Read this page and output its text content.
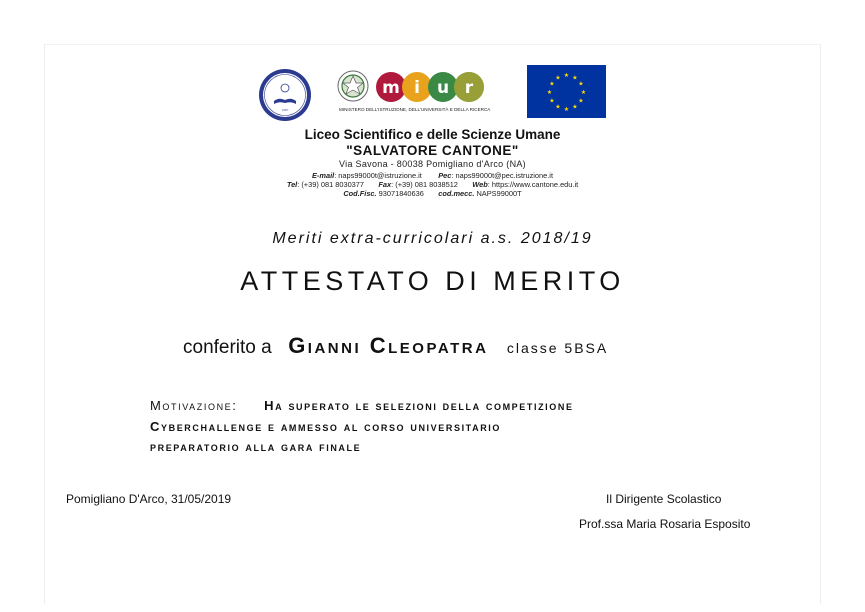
1987
m i u r
MINISTERO DELL'ISTRUZIONE, DELL'UNIVERSITÀ E DELLA RICERCA
★ ★
★
★
★
★
★
★
★
★
★
★
Liceo Scientifico e delle Scienze Umane
"SALVATORE CANTONE"
Via Savona - 80038 Pomigliano d'Arco (NA)
E-mail: naps99000t@istruzione.it Pec: naps99000t@pec.istruzione.it
Tel: (+39) 081 8030377 Fax: (+39) 081 8038512 Web: https://www.cantone.edu.it
Cod.Fisc. 93071840636 cod.mecc. NAPS99000T
Meriti extra-curricolari a.s. 2018/19
ATTESTATO DI MERITO
conferito a Gianni Cleopatra classe 5BSA
Motivazione: Ha superato le selezioni della competizione
Cyberchallenge e ammesso al corso universitario
preparatorio alla gara finale
Pomigliano D'Arco, 31/05/2019	Il Dirigente Scolastico
Prof.ssa Maria Rosaria Esposito
